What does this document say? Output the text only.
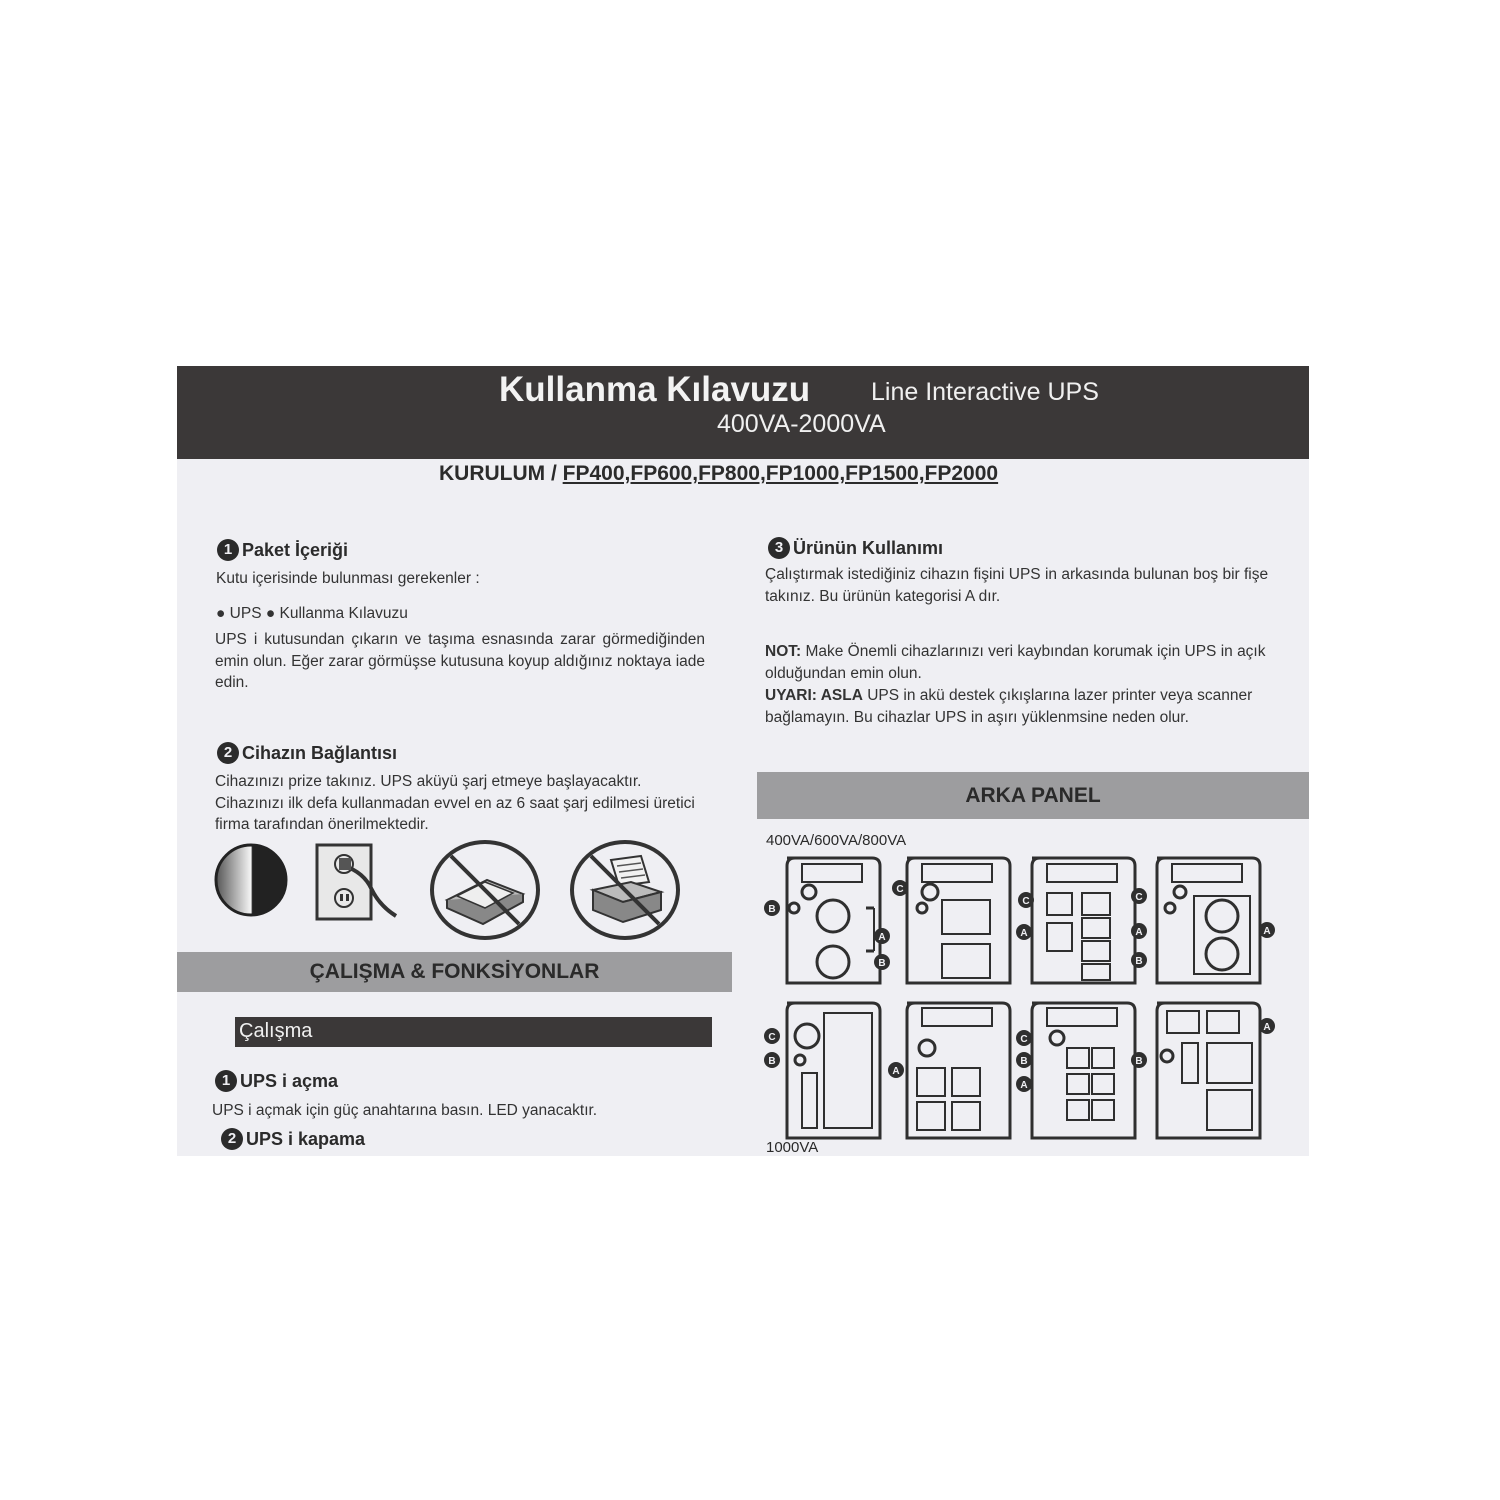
Kullanma Kılavuzu Line Interactive UPS
400VA-2000VA
KURULUM / FP400,FP600,FP800,FP1000,FP1500,FP2000
1 Paket İçeriği
Kutu içerisinde bulunması gerekenler :
● UPS ● Kullanma Kılavuzu
UPS i kutusundan çıkarın ve taşıma esnasında zarar görmediğinden emin olun. Eğer zarar görmüşse kutusuna koyup aldığınız noktaya iade edin.
2 Cihazın Bağlantısı
Cihazınızı prize takınız. UPS aküyü şarj etmeye başlayacaktır. Cihazınızı ilk defa kullanmadan evvel en az 6 saat şarj edilmesi üretici firma tarafından önerilmektedir.
ÇALIŞMA & FONKSİYONLAR
Çalışma
1 UPS i açma
UPS i açmak için güç anahtarına basın. LED yanacaktır.
2 UPS i kapama
3 Ürünün Kullanımı
Çalıştırmak istediğiniz cihazın fişini UPS in arkasında bulunan boş bir fişe takınız. Bu ürünün kategorisi A dır.
NOT: Make Önemli cihazlarınızı veri kaybından korumak için UPS in açık olduğundan emin olun.
UYARI: ASLA UPS in akü destek çıkışlarına lazer printer veya scanner bağlamayın. Bu cihazlar UPS in aşırı yüklenmsine neden olur.
ARKA PANEL
400VA/600VA/800VA
1000VA
B
C
A
B
C
A
C
A
B
A
C
B
A
C
B
A
B
A
